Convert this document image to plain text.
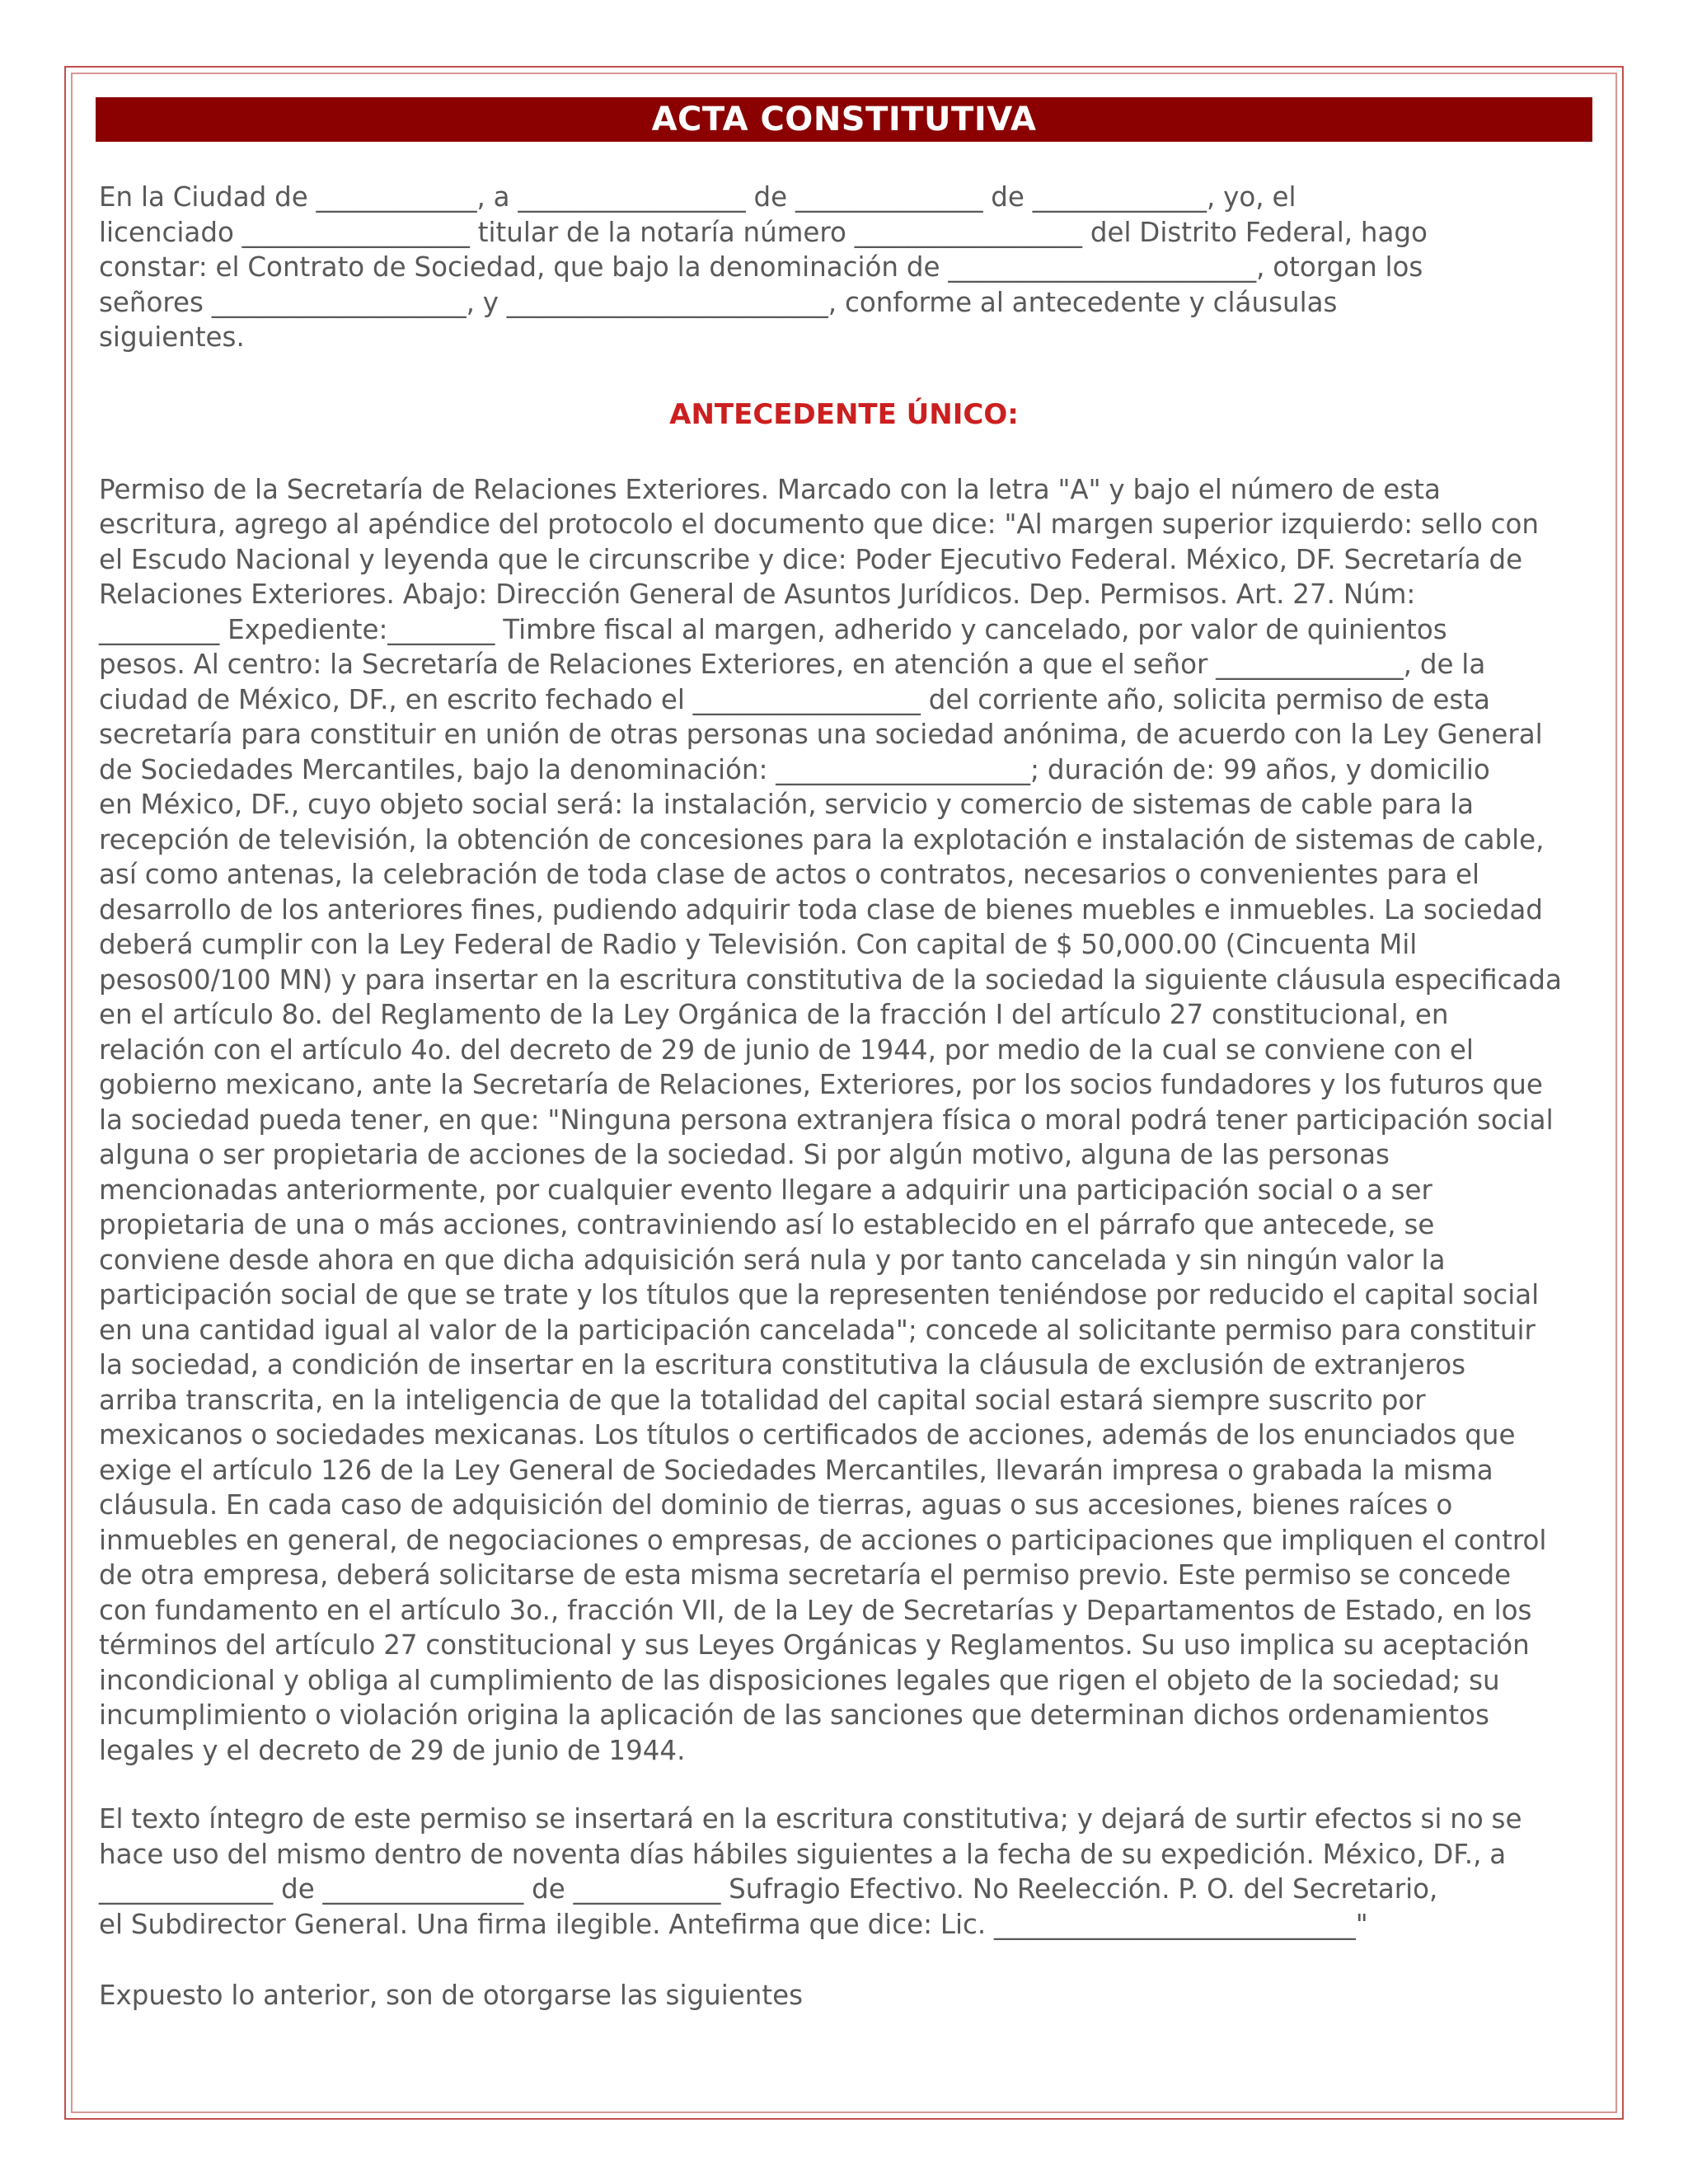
ACTA CONSTITUTIVA
En la Ciudad de ____________, a _________________ de ______________ de _____________, yo, el
licenciado _________________ titular de la notaría número _________________ del Distrito Federal, hago
constar: el Contrato de Sociedad, que bajo la denominación de _______________________, otorgan los
señores ___________________, y ________________________, conforme al antecedente y cláusulas
siguientes.
ANTECEDENTE ÚNICO:
Permiso de la Secretaría de Relaciones Exteriores. Marcado con la letra "A" y bajo el número de esta
escritura, agrego al apéndice del protocolo el documento que dice: "Al margen superior izquierdo: sello con
el Escudo Nacional y leyenda que le circunscribe y dice: Poder Ejecutivo Federal. México, DF. Secretaría de
Relaciones Exteriores. Abajo: Dirección General de Asuntos Jurídicos. Dep. Permisos. Art. 27. Núm:
_________ Expediente:________ Timbre fiscal al margen, adherido y cancelado, por valor de quinientos
pesos. Al centro: la Secretaría de Relaciones Exteriores, en atención a que el señor ______________, de la
ciudad de México, DF., en escrito fechado el _________________ del corriente año, solicita permiso de esta
secretaría para constituir en unión de otras personas una sociedad anónima, de acuerdo con la Ley General
de Sociedades Mercantiles, bajo la denominación: ___________________; duración de: 99 años, y domicilio
en México, DF., cuyo objeto social será: la instalación, servicio y comercio de sistemas de cable para la
recepción de televisión, la obtención de concesiones para la explotación e instalación de sistemas de cable,
así como antenas, la celebración de toda clase de actos o contratos, necesarios o convenientes para el
desarrollo de los anteriores fines, pudiendo adquirir toda clase de bienes muebles e inmuebles. La sociedad
deberá cumplir con la Ley Federal de Radio y Televisión. Con capital de $ 50,000.00 (Cincuenta Mil
pesos00/100 MN) y para insertar en la escritura constitutiva de la sociedad la siguiente cláusula especificada
en el artículo 8o. del Reglamento de la Ley Orgánica de la fracción I del artículo 27 constitucional, en
relación con el artículo 4o. del decreto de 29 de junio de 1944, por medio de la cual se conviene con el
gobierno mexicano, ante la Secretaría de Relaciones, Exteriores, por los socios fundadores y los futuros que
la sociedad pueda tener, en que: "Ninguna persona extranjera física o moral podrá tener participación social
alguna o ser propietaria de acciones de la sociedad. Si por algún motivo, alguna de las personas
mencionadas anteriormente, por cualquier evento llegare a adquirir una participación social o a ser
propietaria de una o más acciones, contraviniendo así lo establecido en el párrafo que antecede, se
conviene desde ahora en que dicha adquisición será nula y por tanto cancelada y sin ningún valor la
participación social de que se trate y los títulos que la representen teniéndose por reducido el capital social
en una cantidad igual al valor de la participación cancelada"; concede al solicitante permiso para constituir
la sociedad, a condición de insertar en la escritura constitutiva la cláusula de exclusión de extranjeros
arriba transcrita, en la inteligencia de que la totalidad del capital social estará siempre suscrito por
mexicanos o sociedades mexicanas. Los títulos o certificados de acciones, además de los enunciados que
exige el artículo 126 de la Ley General de Sociedades Mercantiles, llevarán impresa o grabada la misma
cláusula. En cada caso de adquisición del dominio de tierras, aguas o sus accesiones, bienes raíces o
inmuebles en general, de negociaciones o empresas, de acciones o participaciones que impliquen el control
de otra empresa, deberá solicitarse de esta misma secretaría el permiso previo. Este permiso se concede
con fundamento en el artículo 3o., fracción VII, de la Ley de Secretarías y Departamentos de Estado, en los
términos del artículo 27 constitucional y sus Leyes Orgánicas y Reglamentos. Su uso implica su aceptación
incondicional y obliga al cumplimiento de las disposiciones legales que rigen el objeto de la sociedad; su
incumplimiento o violación origina la aplicación de las sanciones que determinan dichos ordenamientos
legales y el decreto de 29 de junio de 1944.
El texto íntegro de este permiso se insertará en la escritura constitutiva; y dejará de surtir efectos si no se
hace uso del mismo dentro de noventa días hábiles siguientes a la fecha de su expedición. México, DF., a
_____________ de _______________ de ___________ Sufragio Efectivo. No Reelección. P. O. del Secretario,
el Subdirector General. Una firma ilegible. Antefirma que dice: Lic. ___________________________"
Expuesto lo anterior, son de otorgarse las siguientes
